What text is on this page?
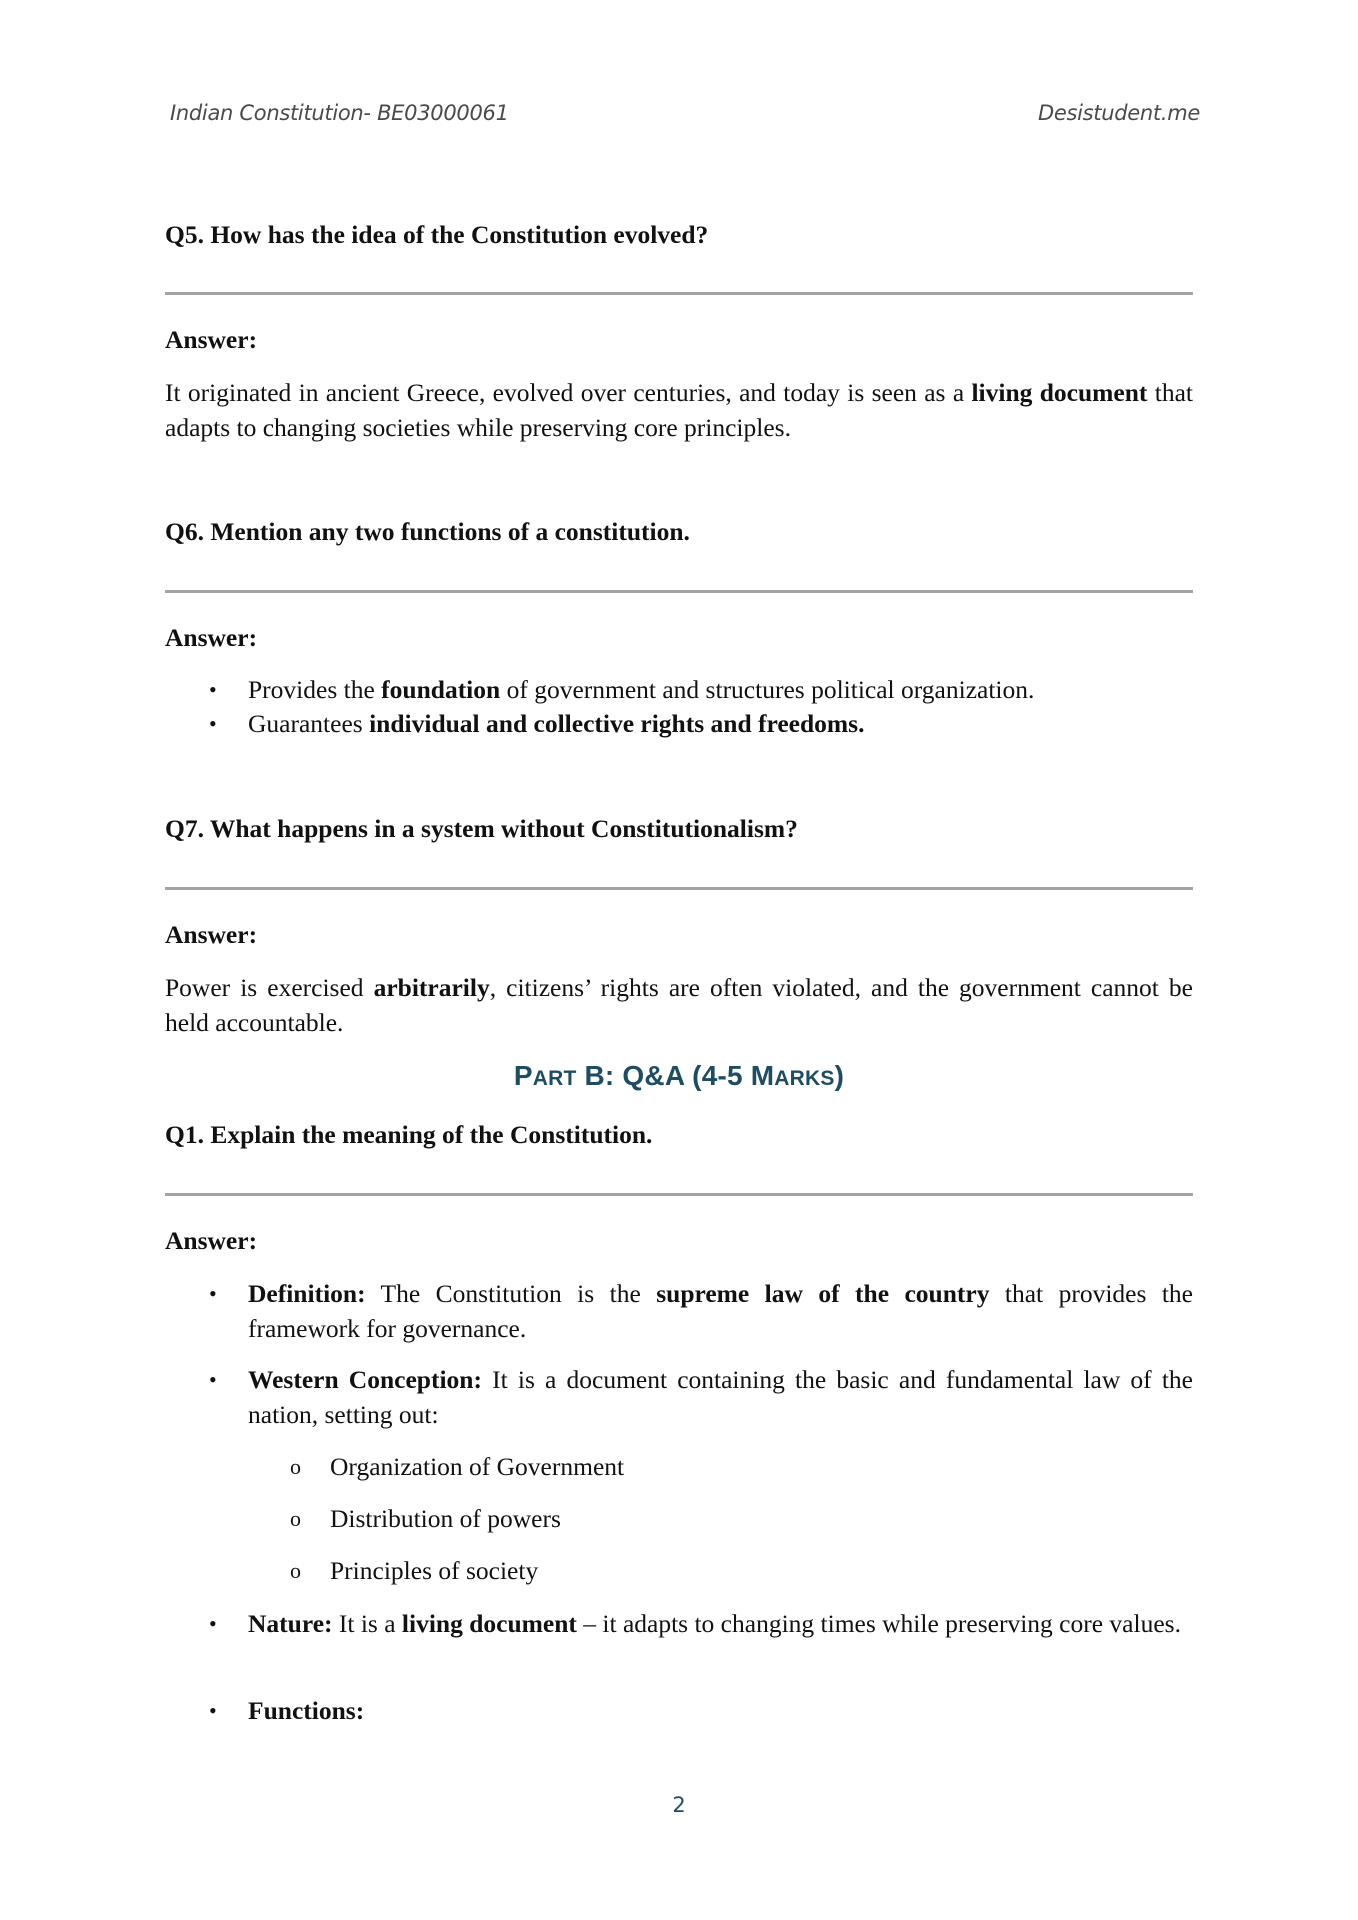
Indian Constitution- BE03000061	Desistudent.me
Q5. How has the idea of the Constitution evolved?
Answer:
It originated in ancient Greece, evolved over centuries, and today is seen as a living document that adapts to changing societies while preserving core principles.
Q6. Mention any two functions of a constitution.
Answer:
• Provides the foundation of government and structures political organization.
• Guarantees individual and collective rights and freedoms.
Q7. What happens in a system without Constitutionalism?
Answer:
Power is exercised arbitrarily, citizens’ rights are often violated, and the government cannot be held accountable.
PART B: Q&A (4-5 MARKS)
Q1. Explain the meaning of the Constitution.
Answer:
• Definition: The Constitution is the supreme law of the country that provides the framework for governance.
• Western Conception: It is a document containing the basic and fundamental law of the nation, setting out:
o Organization of Government
o Distribution of powers
o Principles of society
• Nature: It is a living document – it adapts to changing times while preserving core values.
• Functions:
2
